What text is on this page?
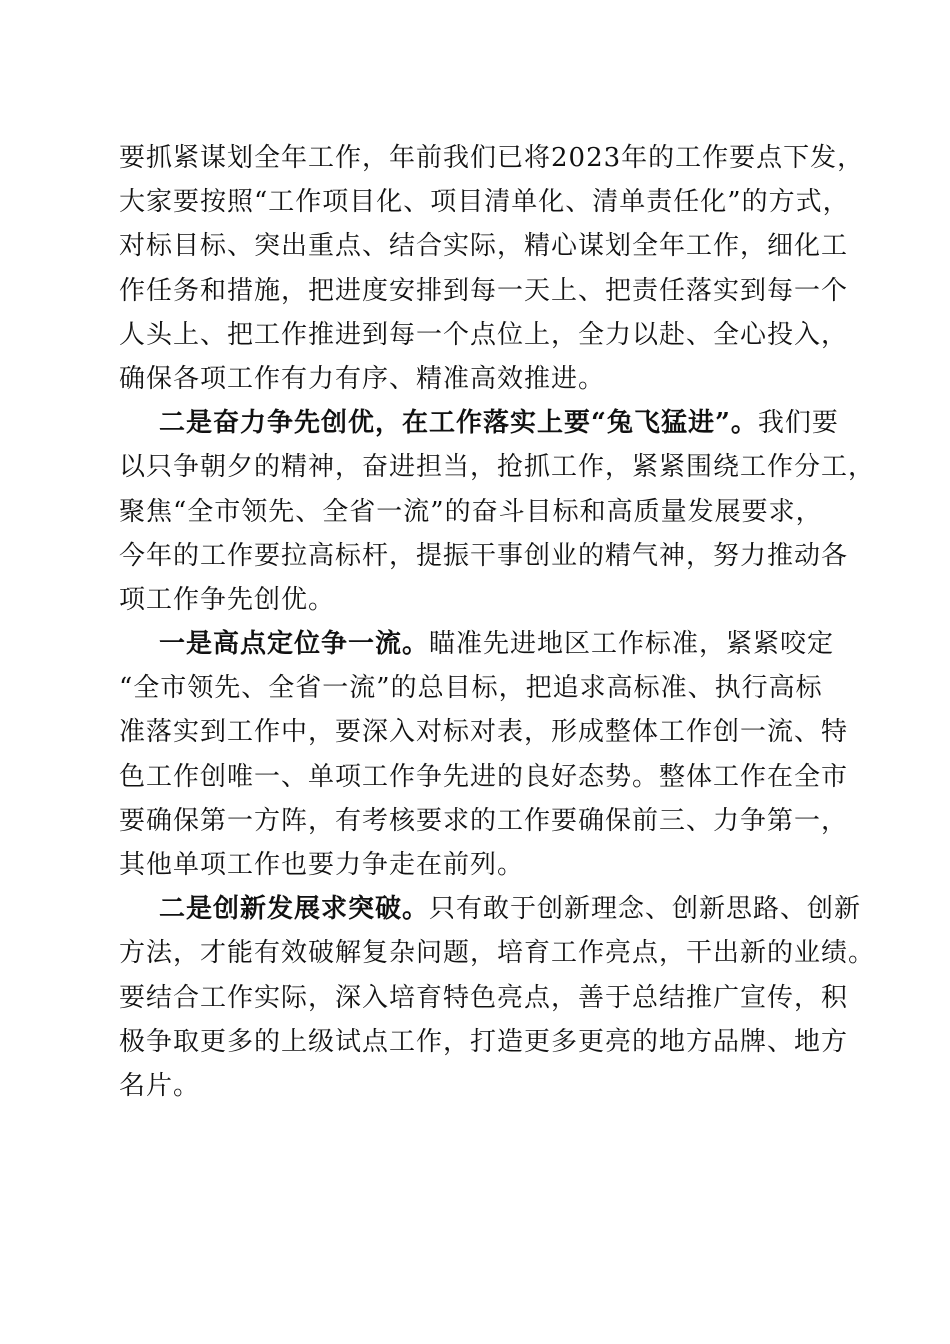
要抓紧谋划全年工作，年前我们已将2023年的工作要点下发，
大家要按照“工作项目化、项目清单化、清单责任化”的方式，
对标目标、突出重点、结合实际，精心谋划全年工作，细化工
作任务和措施，把进度安排到每一天上、把责任落实到每一个
人头上、把工作推进到每一个点位上，全力以赴、全心投入，
确保各项工作有力有序、精准高效推进。
二是奋力争先创优，在工作落实上要“兔飞猛进”。我们要
以只争朝夕的精神，奋进担当，抢抓工作，紧紧围绕工作分工，
聚焦“全市领先、全省一流”的奋斗目标和高质量发展要求，
今年的工作要拉高标杆，提振干事创业的精气神，努力推动各
项工作争先创优。
一是高点定位争一流。瞄准先进地区工作标准，紧紧咬定
“全市领先、全省一流”的总目标，把追求高标准、执行高标
准落实到工作中，要深入对标对表，形成整体工作创一流、特
色工作创唯一、单项工作争先进的良好态势。整体工作在全市
要确保第一方阵，有考核要求的工作要确保前三、力争第一，
其他单项工作也要力争走在前列。
二是创新发展求突破。只有敢于创新理念、创新思路、创新
方法，才能有效破解复杂问题，培育工作亮点，干出新的业绩。
要结合工作实际，深入培育特色亮点，善于总结推广宣传，积
极争取更多的上级试点工作，打造更多更亮的地方品牌、地方
名片。
